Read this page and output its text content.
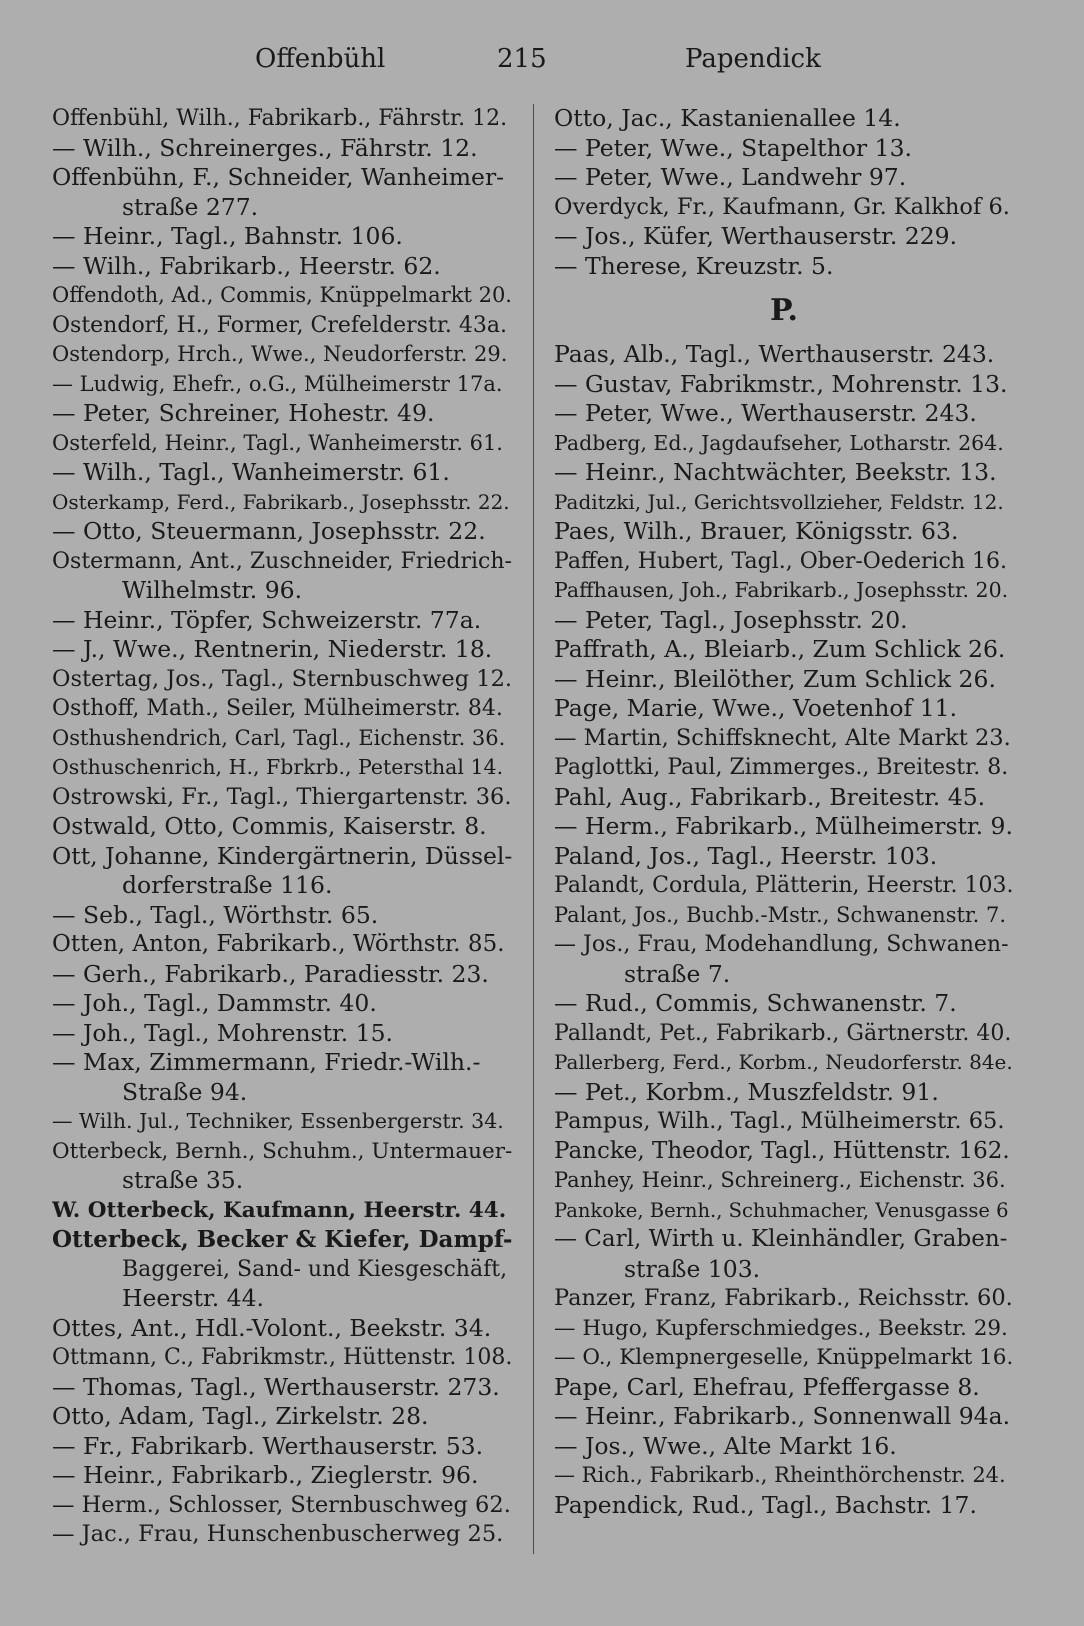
Offenbühl	215	Papendick
Offenbühl, Wilh., Fabrikarb., Fährstr. 12.
— Wilh., Schreinerges., Fährstr. 12.
Offenbühn, F., Schneider, Wanheimer-
straße 277.
— Heinr., Tagl., Bahnstr. 106.
— Wilh., Fabrikarb., Heerstr. 62.
Offendoth, Ad., Commis, Knüppelmarkt 20.
Ostendorf, H., Former, Crefelderstr. 43a.
Ostendorp, Hrch., Wwe., Neudorferstr. 29.
— Ludwig, Ehefr., o.G., Mülheimerstr 17a.
— Peter, Schreiner, Hohestr. 49.
Osterfeld, Heinr., Tagl., Wanheimerstr. 61.
— Wilh., Tagl., Wanheimerstr. 61.
Osterkamp, Ferd., Fabrikarb., Josephsstr. 22.
— Otto, Steuermann, Josephsstr. 22.
Ostermann, Ant., Zuschneider, Friedrich-
Wilhelmstr. 96.
— Heinr., Töpfer, Schweizerstr. 77a.
— J., Wwe., Rentnerin, Niederstr. 18.
Ostertag, Jos., Tagl., Sternbuschweg 12.
Osthoff, Math., Seiler, Mülheimerstr. 84.
Osthushendrich, Carl, Tagl., Eichenstr. 36.
Osthuschenrich, H., Fbrkrb., Petersthal 14.
Ostrowski, Fr., Tagl., Thiergartenstr. 36.
Ostwald, Otto, Commis, Kaiserstr. 8.
Ott, Johanne, Kindergärtnerin, Düssel-
dorferstraße 116.
— Seb., Tagl., Wörthstr. 65.
Otten, Anton, Fabrikarb., Wörthstr. 85.
— Gerh., Fabrikarb., Paradiesstr. 23.
— Joh., Tagl., Dammstr. 40.
— Joh., Tagl., Mohrenstr. 15.
— Max, Zimmermann, Friedr.-Wilh.-
Straße 94.
— Wilh. Jul., Techniker, Essenbergerstr. 34.
Otterbeck, Bernh., Schuhm., Untermauer-
straße 35.
W. Otterbeck, Kaufmann, Heerstr. 44.
Otterbeck, Becker & Kiefer, Dampf-
Baggerei, Sand- und Kiesgeschäft,
Heerstr. 44.
Ottes, Ant., Hdl.-Volont., Beekstr. 34.
Ottmann, C., Fabrikmstr., Hüttenstr. 108.
— Thomas, Tagl., Werthauserstr. 273.
Otto, Adam, Tagl., Zirkelstr. 28.
— Fr., Fabrikarb. Werthauserstr. 53.
— Heinr., Fabrikarb., Zieglerstr. 96.
— Herm., Schlosser, Sternbuschweg 62.
— Jac., Frau, Hunschenbuscherweg 25.
Otto, Jac., Kastanienallee 14.
— Peter, Wwe., Stapelthor 13.
— Peter, Wwe., Landwehr 97.
Overdyck, Fr., Kaufmann, Gr. Kalkhof 6.
— Jos., Küfer, Werthauserstr. 229.
— Therese, Kreuzstr. 5.
P.
Paas, Alb., Tagl., Werthauserstr. 243.
— Gustav, Fabrikmstr., Mohrenstr. 13.
— Peter, Wwe., Werthauserstr. 243.
Padberg, Ed., Jagdaufseher, Lotharstr. 264.
— Heinr., Nachtwächter, Beekstr. 13.
Paditzki, Jul., Gerichtsvollzieher, Feldstr. 12.
Paes, Wilh., Brauer, Königsstr. 63.
Paffen, Hubert, Tagl., Ober-Oederich 16.
Paffhausen, Joh., Fabrikarb., Josephsstr. 20.
— Peter, Tagl., Josephsstr. 20.
Paffrath, A., Bleiarb., Zum Schlick 26.
— Heinr., Bleilöther, Zum Schlick 26.
Page, Marie, Wwe., Voetenhof 11.
— Martin, Schiffsknecht, Alte Markt 23.
Paglottki, Paul, Zimmerges., Breitestr. 8.
Pahl, Aug., Fabrikarb., Breitestr. 45.
— Herm., Fabrikarb., Mülheimerstr. 9.
Paland, Jos., Tagl., Heerstr. 103.
Palandt, Cordula, Plätterin, Heerstr. 103.
Palant, Jos., Buchb.-Mstr., Schwanenstr. 7.
— Jos., Frau, Modehandlung, Schwanen-
straße 7.
— Rud., Commis, Schwanenstr. 7.
Pallandt, Pet., Fabrikarb., Gärtnerstr. 40.
Pallerberg, Ferd., Korbm., Neudorferstr. 84e.
— Pet., Korbm., Muszfeldstr. 91.
Pampus, Wilh., Tagl., Mülheimerstr. 65.
Pancke, Theodor, Tagl., Hüttenstr. 162.
Panhey, Heinr., Schreinerg., Eichenstr. 36.
Pankoke, Bernh., Schuhmacher, Venusgasse 6
— Carl, Wirth u. Kleinhändler, Graben-
straße 103.
Panzer, Franz, Fabrikarb., Reichsstr. 60.
— Hugo, Kupferschmiedges., Beekstr. 29.
— O., Klempnergeselle, Knüppelmarkt 16.
Pape, Carl, Ehefrau, Pfeffergasse 8.
— Heinr., Fabrikarb., Sonnenwall 94a.
— Jos., Wwe., Alte Markt 16.
— Rich., Fabrikarb., Rheinthörchenstr. 24.
Papendick, Rud., Tagl., Bachstr. 17.
